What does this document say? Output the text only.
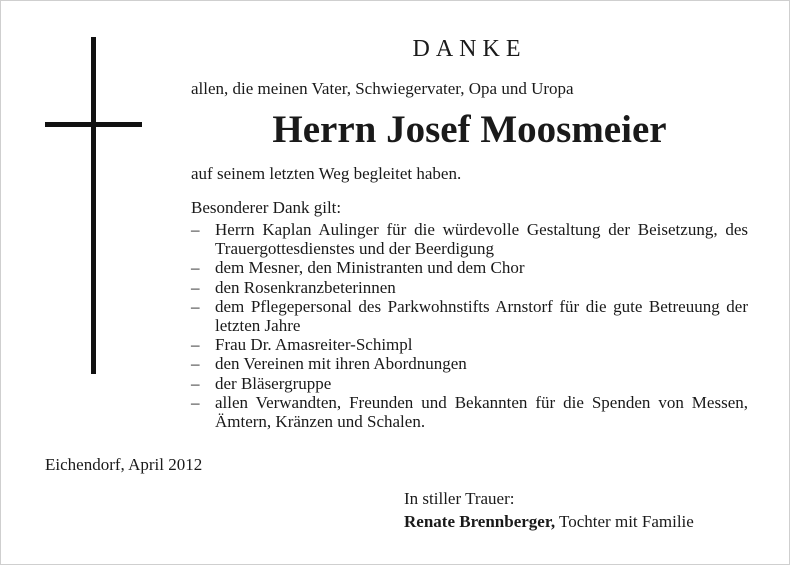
DANKE
allen, die meinen Vater, Schwiegervater, Opa und Uropa
Herrn Josef Moosmeier
auf seinem letzten Weg begleitet haben.
Besonderer Dank gilt:
– Herrn Kaplan Aulinger für die würdevolle Gestaltung der Beisetzung, des Trauergottesdienstes und der Beerdigung
– dem Mesner, den Ministranten und dem Chor
– den Rosenkranzbeterinnen
– dem Pflegepersonal des Parkwohnstifts Arnstorf für die gute Betreuung der letzten Jahre
– Frau Dr. Amasreiter-Schimpl
– den Vereinen mit ihren Abordnungen
– der Bläsergruppe
– allen Verwandten, Freunden und Bekannten für die Spenden von Messen, Ämtern, Kränzen und Schalen.
Eichendorf, April 2012
In stiller Trauer:
Renate Brennberger, Tochter mit Familie
